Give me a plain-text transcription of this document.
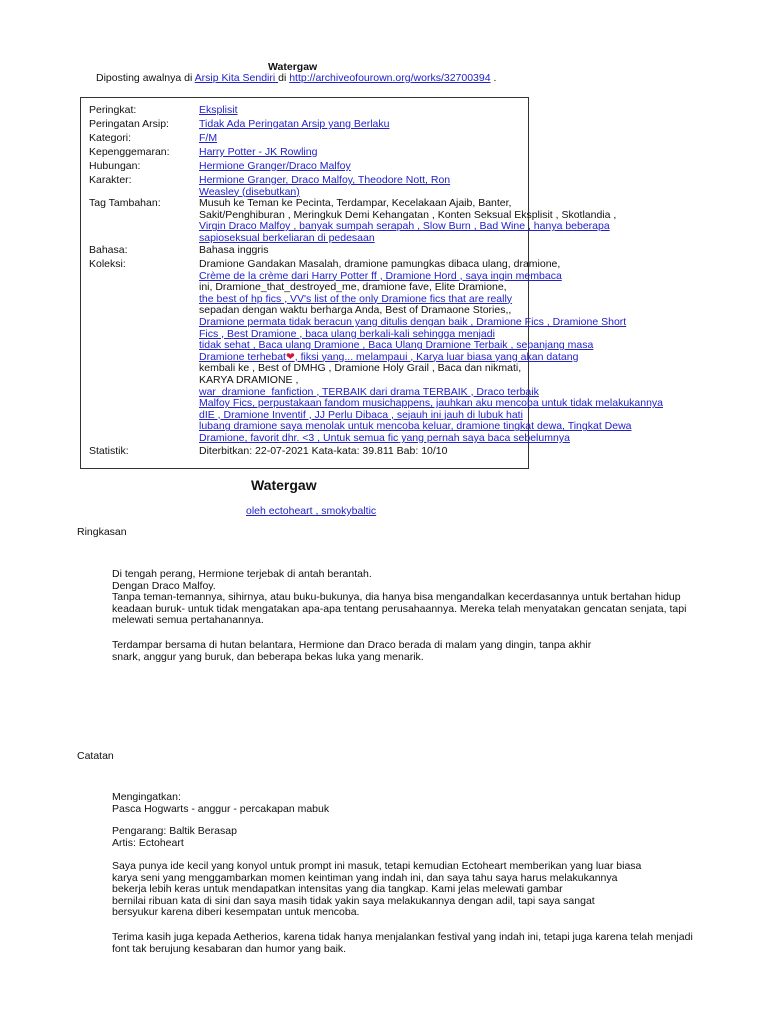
Watergaw
Diposting awalnya di Arsip Kita Sendiri di http://archiveofourown.org/works/32700394 .
Peringkat:	Eksplisit
Peringatan Arsip:	Tidak Ada Peringatan Arsip yang Berlaku
Kategori:	F/M
Kepenggemaran:	Harry Potter - JK Rowling
Hubungan:	Hermione Granger/Draco Malfoy
Karakter:	Hermione Granger, Draco Malfoy, Theodore Nott, Ron
Weasley (disebutkan)
Tag Tambahan:	Musuh ke Teman ke Pecinta, Terdampar, Kecelakaan Ajaib, Banter,
Sakit/Penghiburan , Meringkuk Demi Kehangatan , Konten Seksual Eksplisit , Skotlandia ,
Virgin Draco Malfoy , banyak sumpah serapah , Slow Burn , Bad Wine , hanya beberapa
sapioseksual berkeliaran di pedesaan
Bahasa:	Bahasa inggris
Koleksi:	Dramione Gandakan Masalah, dramione pamungkas dibaca ulang, dramione,
Crème de la crème dari Harry Potter ff , Dramione Hord , saya ingin membaca
ini, Dramione_that_destroyed_me, dramione fave, Elite Dramione,
the best of hp fics , VV's list of the only Dramione fics that are really
sepadan dengan waktu berharga Anda, Best of Dramaone Stories,,
Dramione permata tidak beracun yang ditulis dengan baik , Dramione Fics , Dramione Short
Fics , Best Dramione , baca ulang berkali-kali sehingga menjadi
tidak sehat , Baca ulang Dramione , Baca Ulang Dramione Terbaik , sepanjang masa
Dramione terhebat❤, fiksi yang... melampaui , Karya luar biasa yang akan datang
kembali ke , Best of DMHG , Dramione Holy Grail , Baca dan nikmati,
KARYA DRAMIONE ,
war_dramione_fanfiction , TERBAIK dari drama TERBAIK , Draco terbaik
Malfoy Fics, perpustakaan fandom musichappens, jauhkan aku mencoba untuk tidak melakukannya
dIE , Dramione Inventif , JJ Perlu Dibaca , sejauh ini jauh di lubuk hati
lubang dramione saya menolak untuk mencoba keluar, dramione tingkat dewa, Tingkat Dewa
Dramione, favorit dhr. <3 , Untuk semua fic yang pernah saya baca sebelumnya
Statistik:	Diterbitkan: 22-07-2021 Kata-kata: 39.811 Bab: 10/10
Watergaw
oleh ectoheart , smokybaltic
Ringkasan
Di tengah perang, Hermione terjebak di antah berantah.
Dengan Draco Malfoy.
Tanpa teman-temannya, sihirnya, atau buku-bukunya, dia hanya bisa mengandalkan kecerdasannya untuk bertahan hidup
keadaan buruk- untuk tidak mengatakan apa-apa tentang perusahaannya. Mereka telah menyatakan gencatan senjata, tapi
melewati semua pertahanannya.
Terdampar bersama di hutan belantara, Hermione dan Draco berada di malam yang dingin, tanpa akhir
snark, anggur yang buruk, dan beberapa bekas luka yang menarik.
Catatan
Mengingatkan:
Pasca Hogwarts - anggur - percakapan mabuk
Pengarang: Baltik Berasap
Artis: Ectoheart
Saya punya ide kecil yang konyol untuk prompt ini masuk, tetapi kemudian Ectoheart memberikan yang luar biasa
karya seni yang menggambarkan momen keintiman yang indah ini, dan saya tahu saya harus melakukannya
bekerja lebih keras untuk mendapatkan intensitas yang dia tangkap. Kami jelas melewati gambar
bernilai ribuan kata di sini dan saya masih tidak yakin saya melakukannya dengan adil, tapi saya sangat
bersyukur karena diberi kesempatan untuk mencoba.
Terima kasih juga kepada Aetherios, karena tidak hanya menjalankan festival yang indah ini, tetapi juga karena telah menjadi
font tak berujung kesabaran dan humor yang baik.
